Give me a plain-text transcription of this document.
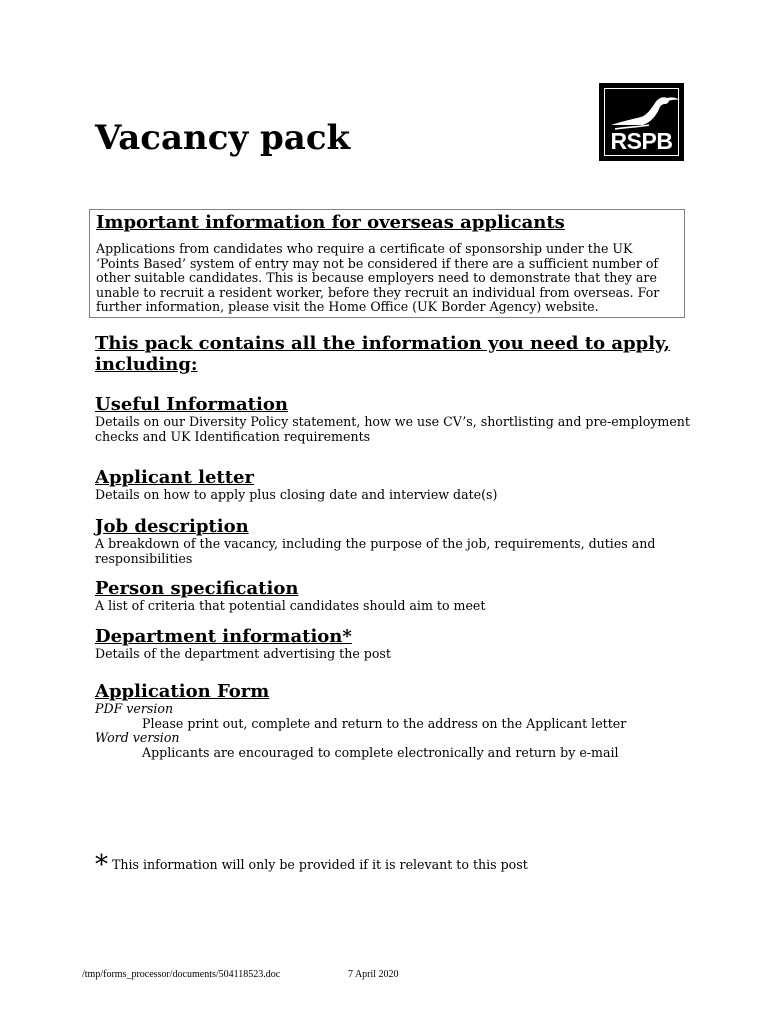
Vacancy pack	RSPB
Important information for overseas applicants

Applications from candidates who require a certificate of sponsorship under the UK ‘Points Based’ system of entry may not be considered if there are a sufficient number of other suitable candidates. This is because employers need to demonstrate that they are unable to recruit a resident worker, before they recruit an individual from overseas. For further information, please visit the Home Office (UK Border Agency) website.

This pack contains all the information you need to apply, including:
Useful Information

Details on our Diversity Policy statement, how we use CV’s, shortlisting and pre-employment checks and UK Identification requirements

Applicant letter

Details on how to apply plus closing date and interview date(s)

Job description

A breakdown of the vacancy, including the purpose of the job, requirements, duties and responsibilities

Person specification

A list of criteria that potential candidates should aim to meet

Department information*

Details of the department advertising the post

Application Form

PDF version

Please print out, complete and return to the address on the Applicant letter

Word version

Applicants are encouraged to complete electronically and return by e-mail

* This information will only be provided if it is relevant to this post
/tmp/forms_processor/documents/504118523.doc	7 April 2020
